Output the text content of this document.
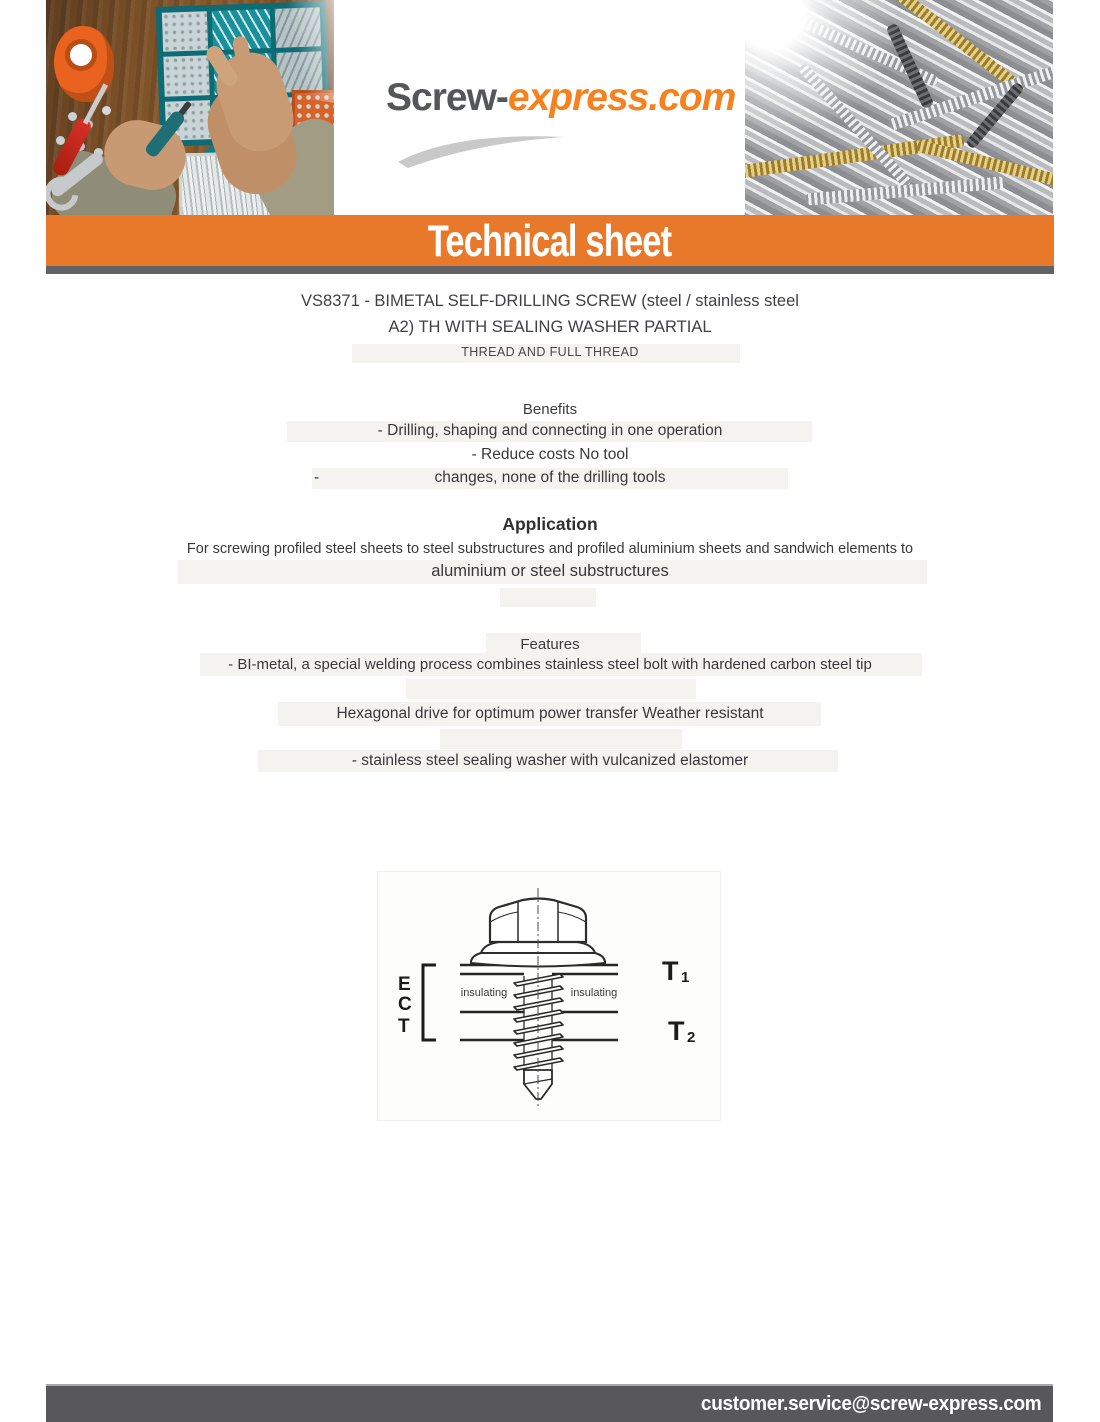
Screw-express.com
Technical sheet
VS8371 - BIMETAL SELF-DRILLING SCREW (steel / stainless steel
A2) TH WITH SEALING WASHER PARTIAL
THREAD AND FULL THREAD
Benefits
- Drilling, shaping and connecting in one operation
- Reduce costs No tool
-	changes, none of the drilling tools
Application
For screwing profiled steel sheets to steel substructures and profiled aluminium sheets and sandwich elements to
aluminium or steel substructures
Features
- BI-metal, a special welding process combines stainless steel bolt with hardened carbon steel tip
Hexagonal drive for optimum power transfer Weather resistant
- stainless steel sealing washer with vulcanized elastomer
E
C
T
T 1
T 2
insulating	insulating
customer.service@screw-express.com
